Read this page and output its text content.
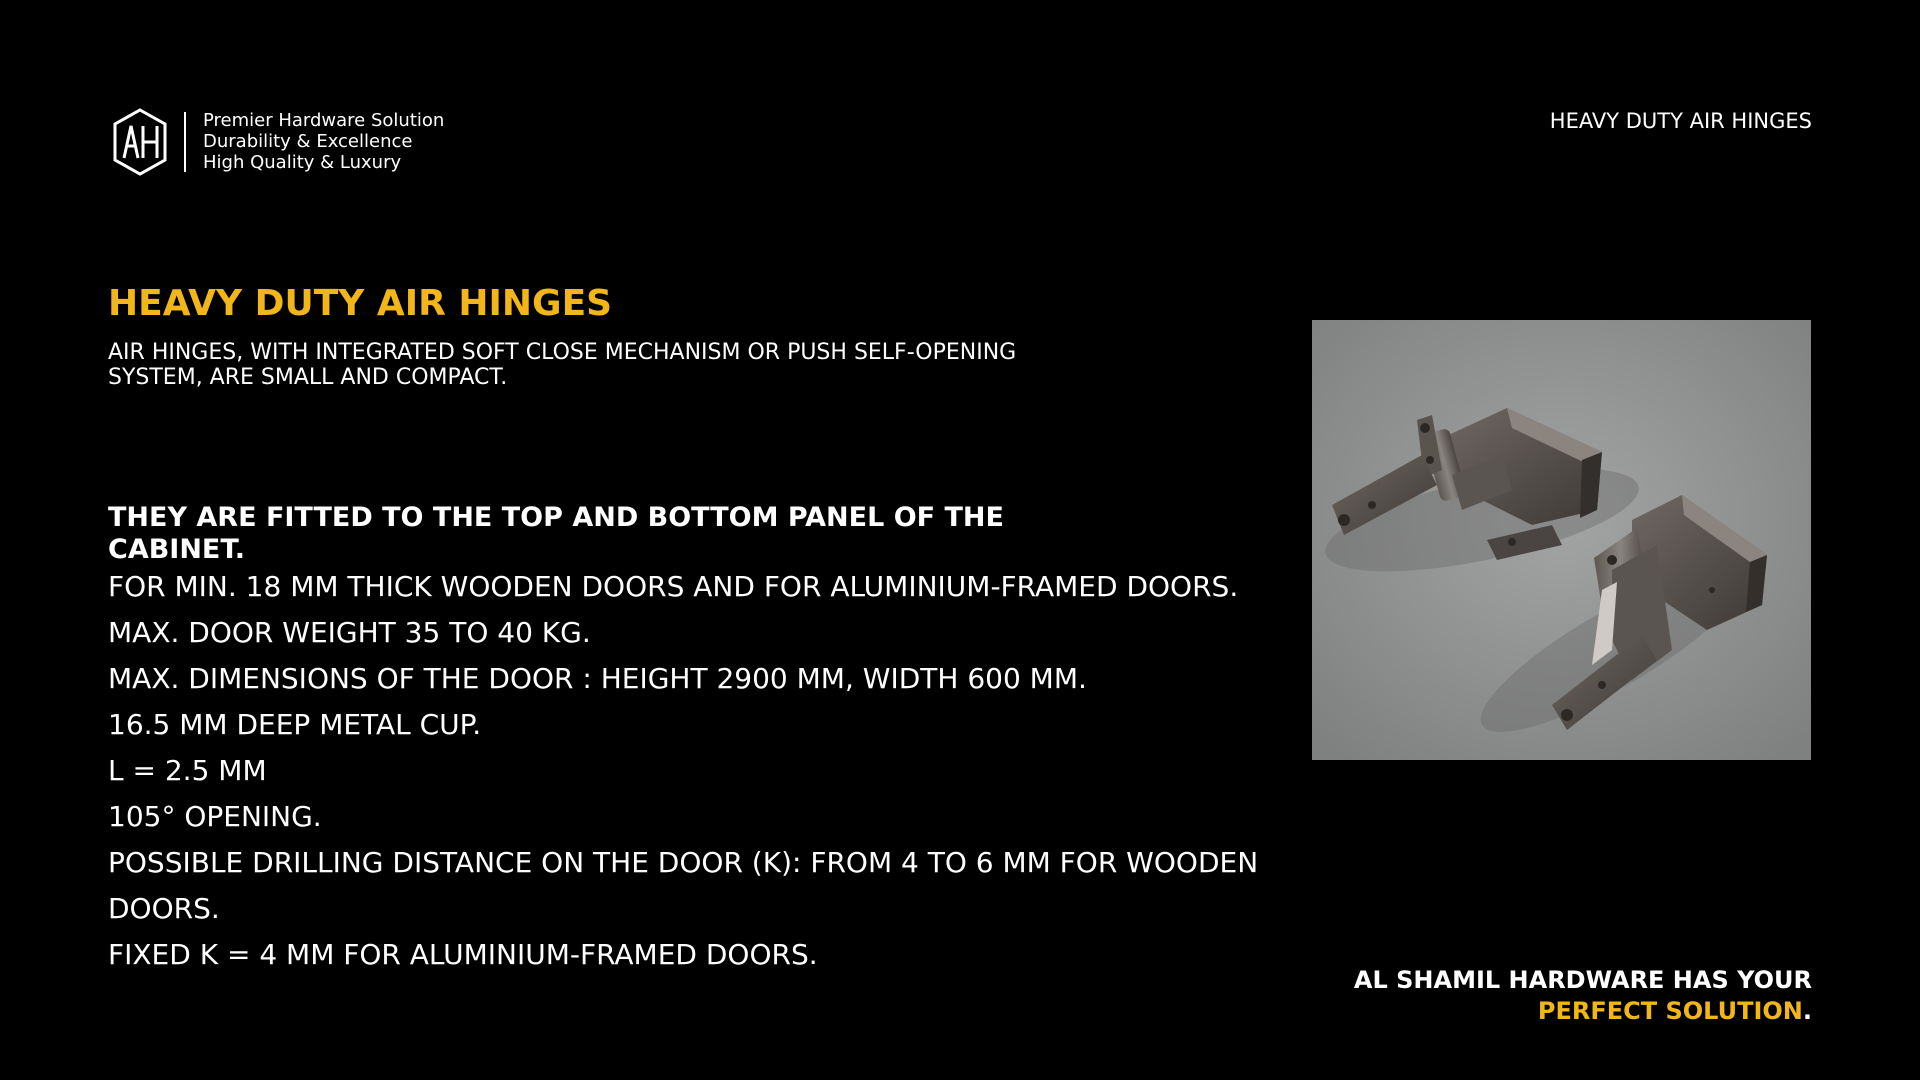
Premier Hardware Solution
Durability & Excellence
High Quality & Luxury
HEAVY DUTY AIR HINGES
HEAVY DUTY AIR HINGES
AIR HINGES, WITH INTEGRATED SOFT CLOSE MECHANISM OR PUSH SELF-OPENING
SYSTEM, ARE SMALL AND COMPACT.
THEY ARE FITTED TO THE TOP AND BOTTOM PANEL OF THE
CABINET.
FOR MIN. 18 MM THICK WOODEN DOORS AND FOR ALUMINIUM-FRAMED DOORS.
MAX. DOOR WEIGHT 35 TO 40 KG.
MAX. DIMENSIONS OF THE DOOR : HEIGHT 2900 MM, WIDTH 600 MM.
16.5 MM DEEP METAL CUP.
L = 2.5 MM
105° OPENING.
POSSIBLE DRILLING DISTANCE ON THE DOOR (K): FROM 4 TO 6 MM FOR WOODEN
DOORS.
FIXED K = 4 MM FOR ALUMINIUM-FRAMED DOORS.
AL SHAMIL HARDWARE HAS YOUR
PERFECT SOLUTION.
